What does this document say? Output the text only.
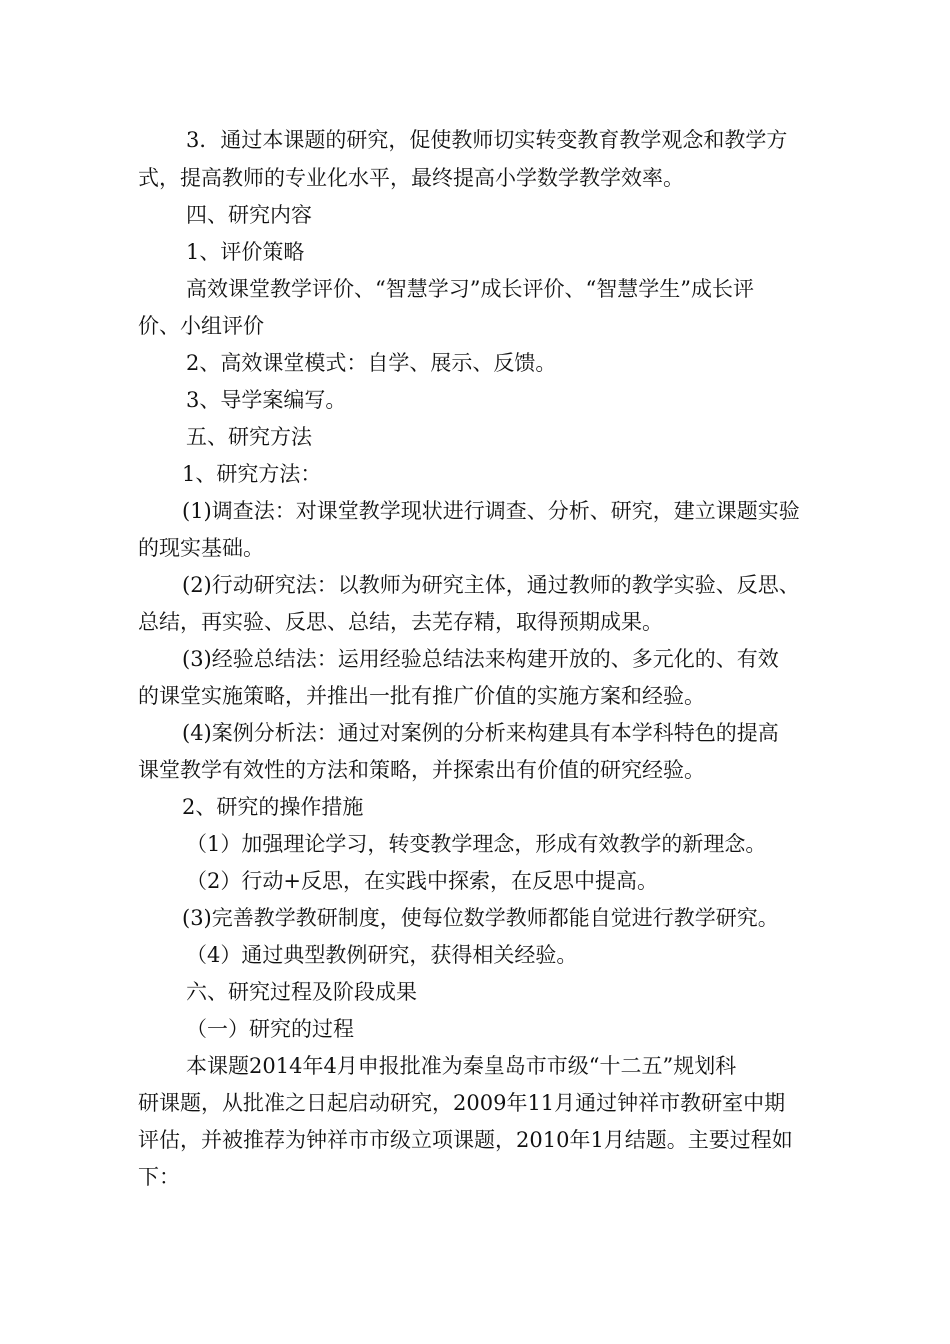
3．通过本课题的研究，促使教师切实转变教育教学观念和教学方
式，提高教师的专业化水平，最终提高小学数学教学效率。
四、研究内容
1、评价策略
高效课堂教学评价、“智慧学习”成长评价、“智慧学生”成长评
价、小组评价
2、高效课堂模式：自学、展示、反馈。
3、导学案编写。
五、研究方法
1、研究方法：
(1)调查法：对课堂教学现状进行调查、分析、研究，建立课题实验
的现实基础。
(2)行动研究法：以教师为研究主体，通过教师的教学实验、反思、
总结，再实验、反思、总结，去芜存精，取得预期成果。
(3)经验总结法：运用经验总结法来构建开放的、多元化的、有效
的课堂实施策略，并推出一批有推广价值的实施方案和经验。
(4)案例分析法：通过对案例的分析来构建具有本学科特色的提高
课堂教学有效性的方法和策略，并探索出有价值的研究经验。
2、研究的操作措施
（1）加强理论学习，转变教学理念，形成有效教学的新理念。
（2）行动+反思，在实践中探索，在反思中提高。
(3)完善教学教研制度，使每位数学教师都能自觉进行教学研究。
（4）通过典型教例研究，获得相关经验。
六、研究过程及阶段成果
（一）研究的过程
本课题2014年4月申报批准为秦皇岛市市级“十二五”规划科
研课题，从批准之日起启动研究，2009年11月通过钟祥市教研室中期
评估，并被推荐为钟祥市市级立项课题，2010年1月结题。主要过程如
下：
